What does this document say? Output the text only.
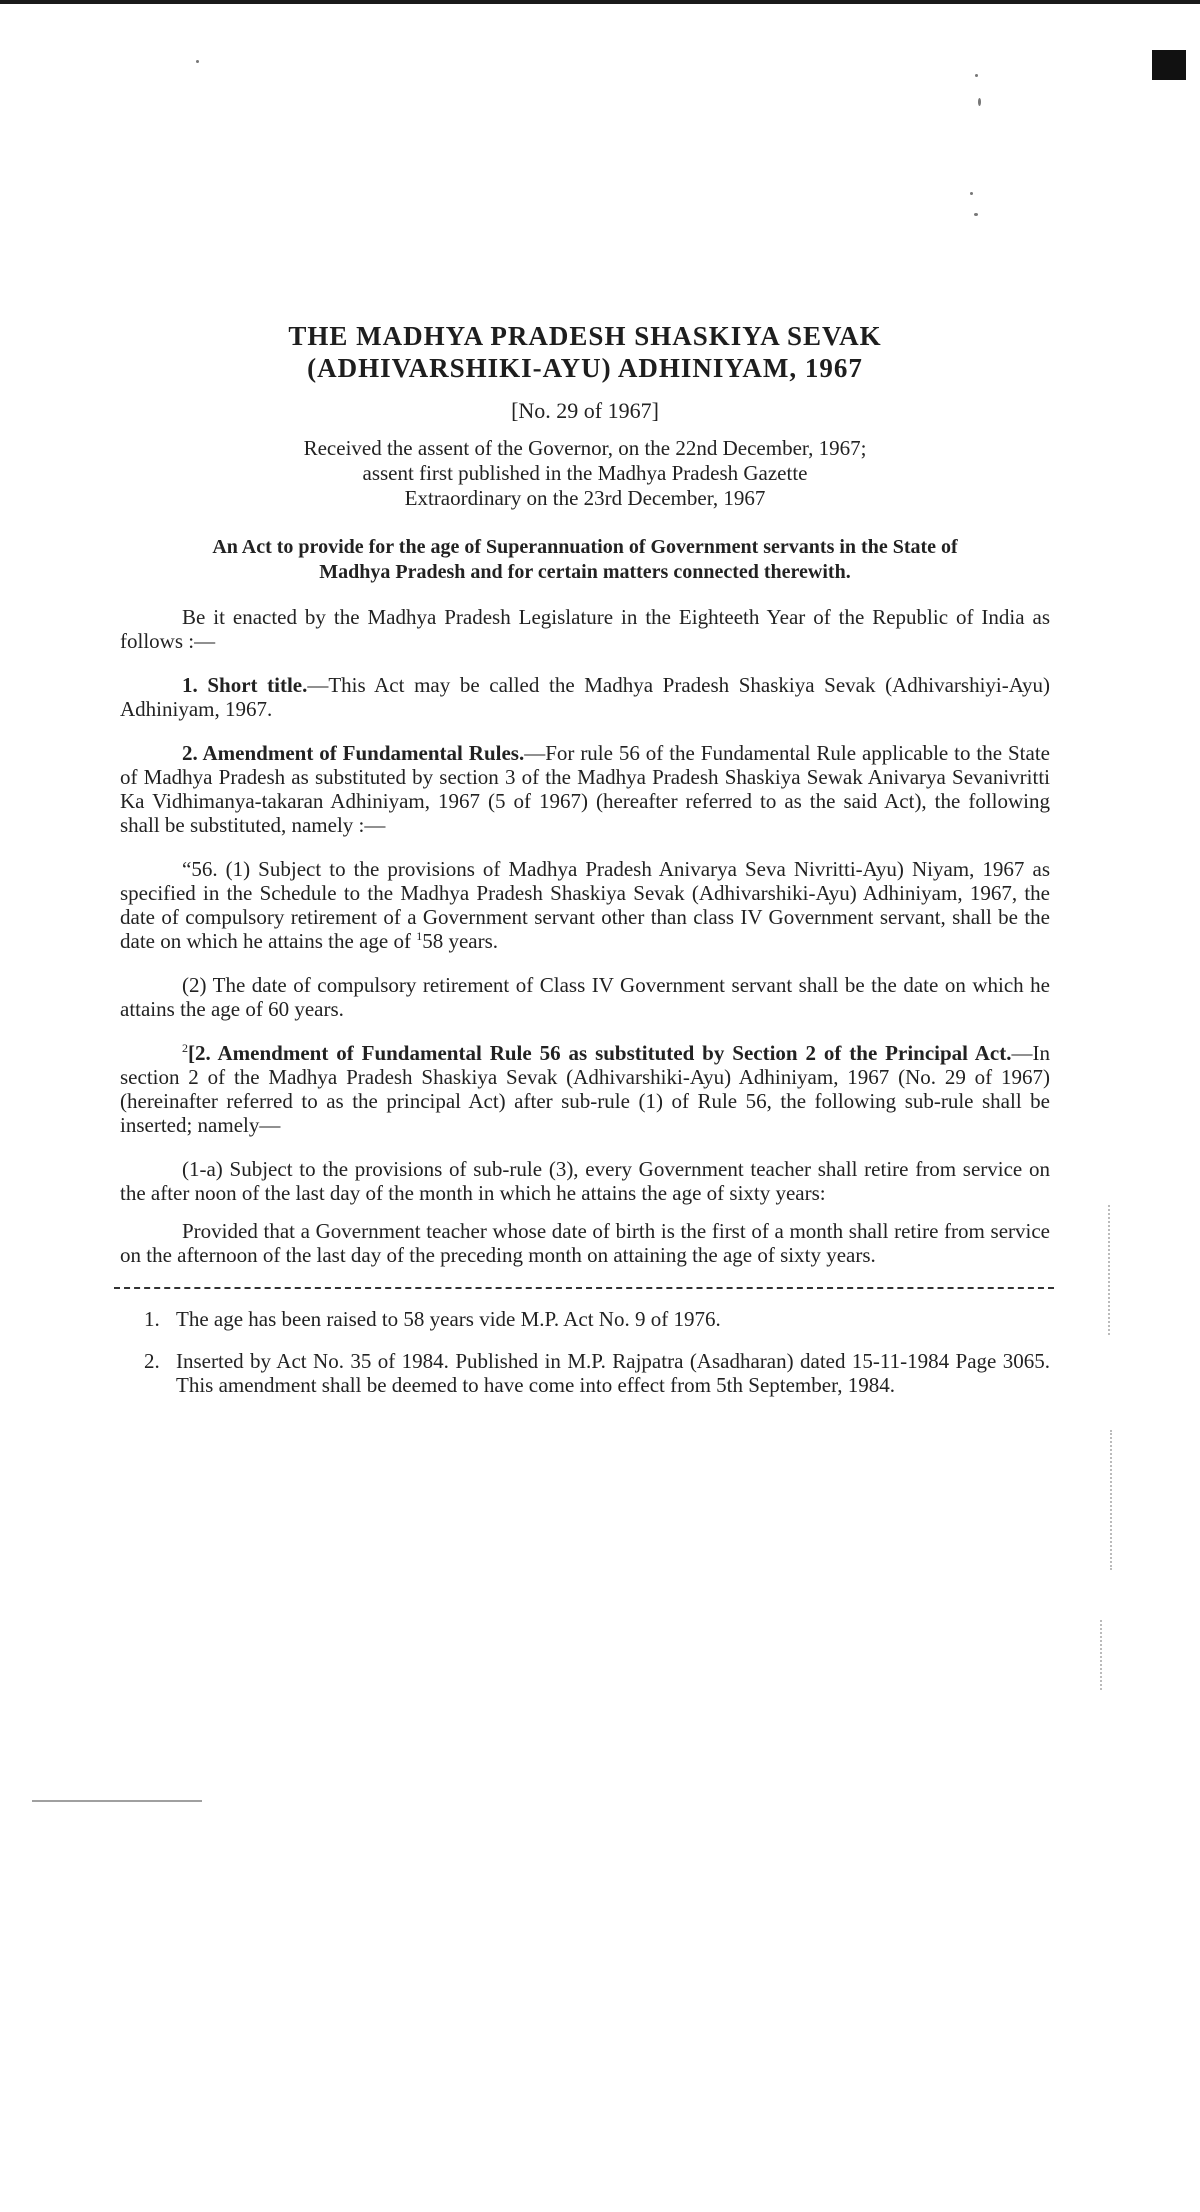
THE MADHYA PRADESH SHASKIYA SEVAK
(ADHIVARSHIKI-AYU) ADHINIYAM, 1967
[No. 29 of 1967]
Received the assent of the Governor, on the 22nd December, 1967;
assent first published in the Madhya Pradesh Gazette
Extraordinary on the 23rd December, 1967
An Act to provide for the age of Superannuation of Government servants in the State of Madhya Pradesh and for certain matters connected therewith.

Be it enacted by the Madhya Pradesh Legislature in the Eighteeth Year of the Republic of India as follows :—

1. Short title.—This Act may be called the Madhya Pradesh Shaskiya Sevak (Adhivarshiyi-Ayu) Adhiniyam, 1967.

2. Amendment of Fundamental Rules.—For rule 56 of the Fundamental Rule applicable to the State of Madhya Pradesh as substituted by section 3 of the Madhya Pradesh Shaskiya Sewak Anivarya Sevanivritti Ka Vidhimanya-takaran Adhiniyam, 1967 (5 of 1967) (hereafter referred to as the said Act), the following shall be substituted, namely :—

“56. (1) Subject to the provisions of Madhya Pradesh Anivarya Seva Nivritti-Ayu) Niyam, 1967 as specified in the Schedule to the Madhya Pradesh Shaskiya Sevak (Adhivarshiki-Ayu) Adhiniyam, 1967, the date of compulsory retirement of a Government servant other than class IV Government servant, shall be the date on which he attains the age of $^1$58 years.

(2) The date of compulsory retirement of Class IV Government servant shall be the date on which he attains the age of 60 years.

$^2$[2. Amendment of Fundamental Rule 56 as substituted by Section 2 of the Principal Act.—In section 2 of the Madhya Pradesh Shaskiya Sevak (Adhivarshiki-Ayu) Adhiniyam, 1967 (No. 29 of 1967) (hereinafter referred to as the principal Act) after sub-rule (1) of Rule 56, the following sub-rule shall be inserted; namely—

(1-a) Subject to the provisions of sub-rule (3), every Government teacher shall retire from service on the after noon of the last day of the month in which he attains the age of sixty years:

Provided that a Government teacher whose date of birth is the first of a month shall retire from service on the afternoon of the last day of the preceding month on attaining the age of sixty years.

1. The age has been raised to 58 years vide M.P. Act No. 9 of 1976.
2. Inserted by Act No. 35 of 1984. Published in M.P. Rajpatra (Asadharan) dated 15-11-1984 Page 3065. This amendment shall be deemed to have come into effect from 5th September, 1984.
